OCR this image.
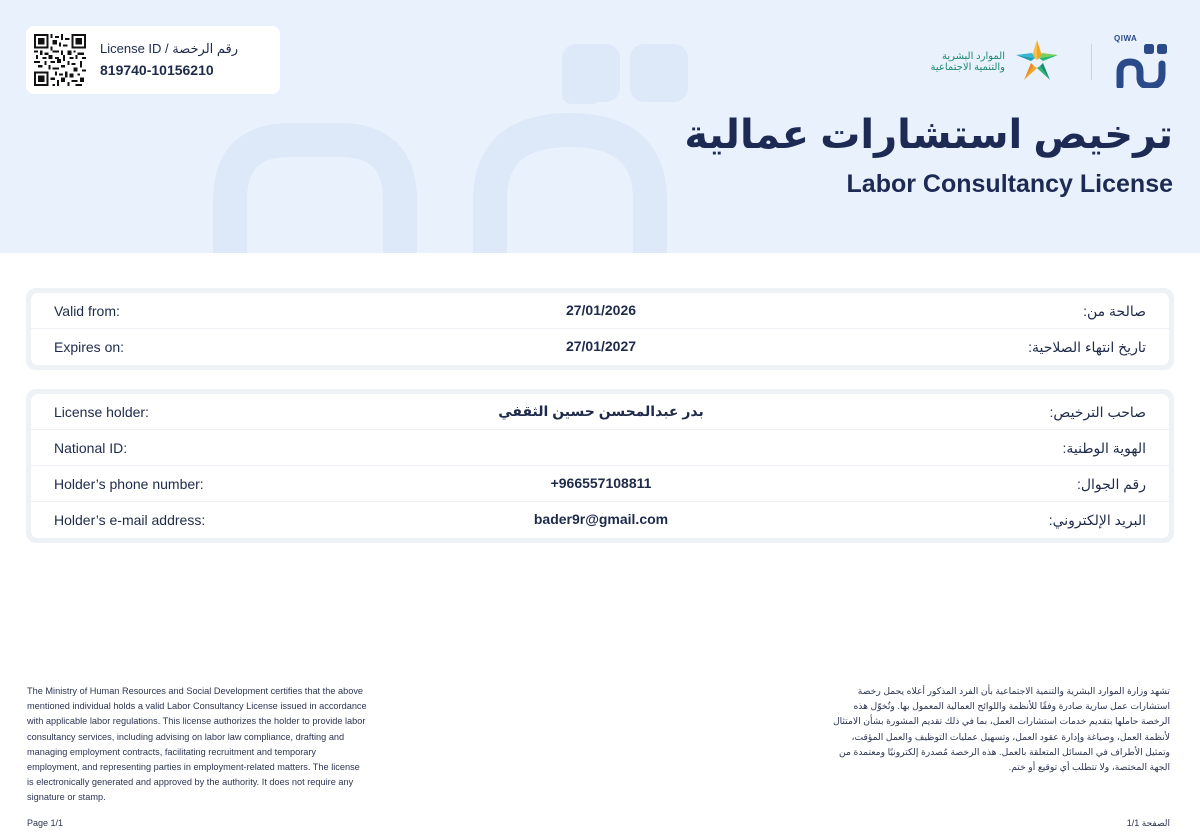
License ID / رقم الرخصة
819740-10156210
الموارد البشرية والتنمية الاجتماعية
QIWA
ترخيص استشارات عمالية
Labor Consultancy License
Valid from:	27/01/2026	صالحة من:
Expires on:	27/01/2027	تاريخ انتهاء الصلاحية:
License holder:	بدر عبدالمحسن حسين الثقفي	صاحب الترخيص:
National ID:	الهوية الوطنية:
Holder’s phone number:	+966557108811	رقم الجوال:
Holder’s e-mail address:	bader9r@gmail.com	البريد الإلكتروني:
The Ministry of Human Resources and Social Development certifies that the above mentioned individual holds a valid Labor Consultancy License issued in accordance with applicable labor regulations. This license authorizes the holder to provide labor consultancy services, including advising on labor law compliance, drafting and managing employment contracts, facilitating recruitment and temporary employment, and representing parties in employment-related matters. The license is electronically generated and approved by the authority. It does not require any signature or stamp.
تشهد وزارة الموارد البشرية والتنمية الاجتماعية بأن الفرد المذكور أعلاه يحمل رخصة استشارات عمل سارية صادرة وفقًا للأنظمة واللوائح العمالية المعمول بها. وتُخوّل هذه الرخصة حاملها بتقديم خدمات استشارات العمل، بما في ذلك تقديم المشورة بشأن الامتثال لأنظمة العمل، وصياغة وإدارة عقود العمل، وتسهيل عمليات التوظيف والعمل المؤقت، وتمثيل الأطراف في المسائل المتعلقة بالعمل. هذه الرخصة مُصدرة إلكترونيًا ومعتمدة من الجهة المختصة، ولا تتطلب أي توقيع أو ختم.
Page 1/1	الصفحة 1/1
